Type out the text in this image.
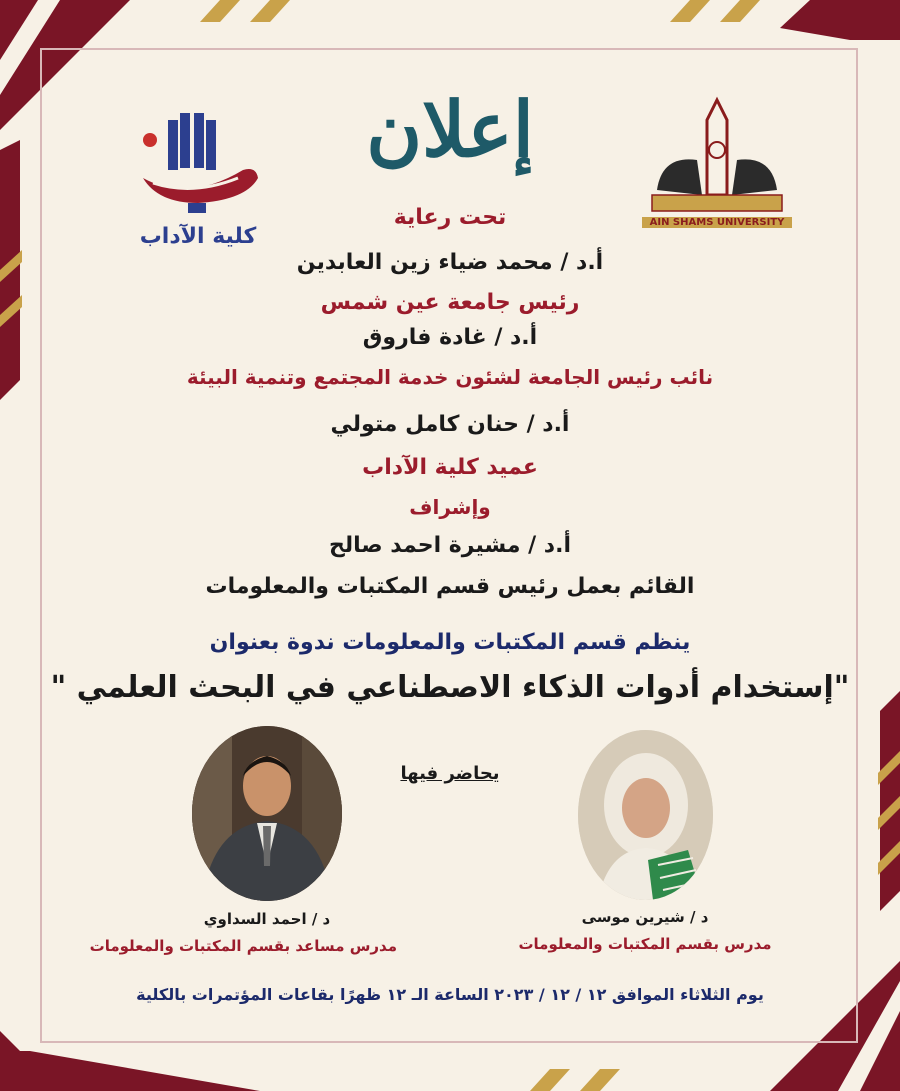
كلية الآداب
AIN SHAMS UNIVERSITY
إعلان
تحت رعاية
أ.د / محمد ضياء زين العابدين
رئيس جامعة عين شمس
أ.د / غادة فاروق
نائب رئيس الجامعة لشئون خدمة المجتمع وتنمية البيئة
أ.د / حنان كامل متولي
عميد كلية الآداب
وإشراف
أ.د / مشيرة احمد صالح
القائم بعمل رئيس قسم المكتبات والمعلومات
ينظم قسم المكتبات والمعلومات ندوة بعنوان
"إستخدام أدوات الذكاء الاصطناعي في البحث العلمي "
يحاضر فيها
د / احمد السداوي
مدرس مساعد بقسم المكتبات والمعلومات
د / شيرين موسى
مدرس بقسم المكتبات والمعلومات
يوم الثلاثاء الموافق ١٢ / ١٢ / ٢٠٢٣ الساعة الـ ١٢ ظهرًا بقاعات المؤتمرات بالكلية
